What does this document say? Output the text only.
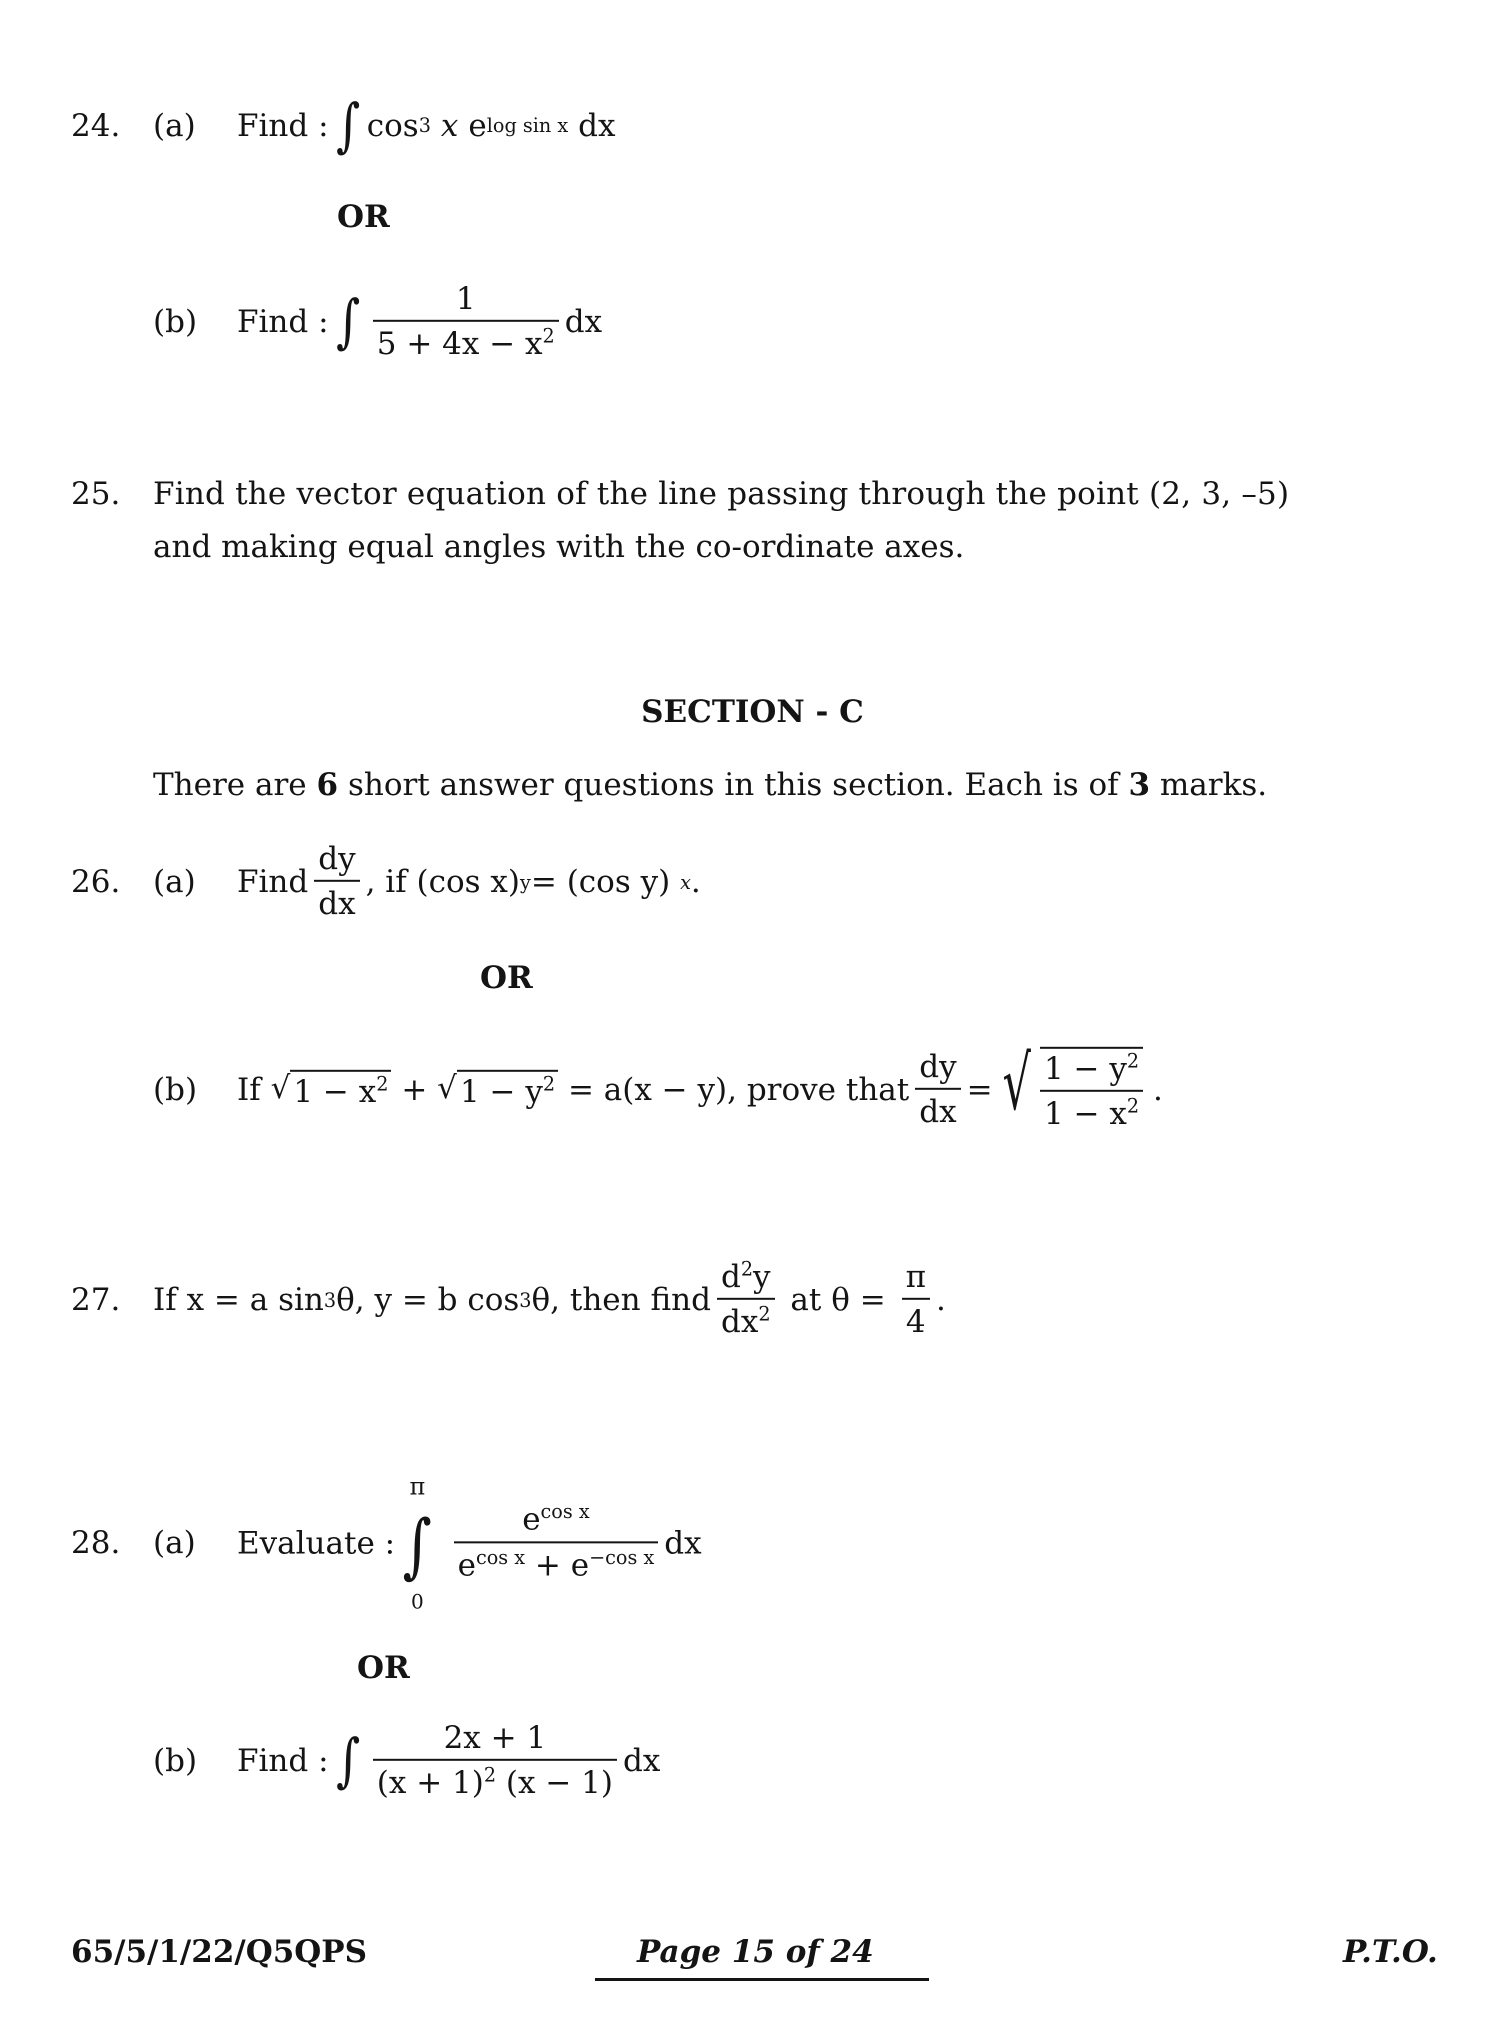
24. (a) Find : ∫ cos 3 x e log sin x dx
OR
(b) Find : ∫ $\frac{1}{5 + 4x - x^2}$ dx
25. Find the vector equation of the line passing through the point (2, 3, –5)
and making equal angles with the co-ordinate axes.
SECTION - C
There are 6 short answer questions in this section. Each is of 3 marks.
26. (a) Find $\frac{dy}{dx}$ , if (cos x) y = (cos y)
x .
OR
(b) If
√ $1 - x^2$
+
√ $1 - y^2$
= a(x − y), prove that $\frac{dy}{dx}$ = √ $\frac{1 - y^2}{1 - x^2}$
.
27. If x = a sin 3 θ, y = b cos 3 θ, then find $\frac{d^2y}{dx^2}$
at θ =
$\frac{\pi}{4}$ .
28. (a) Evaluate :
π
∫
0
$\frac{e^{cos x}}{e^{cos x} + e^{-cos x}}$ dx
OR
(b) Find : ∫ $\frac{2x + 1}{(x + 1)^2 (x - 1)}$ dx
65/5/1/22/Q5QPS	Page 15 of 24	P.T.O.
